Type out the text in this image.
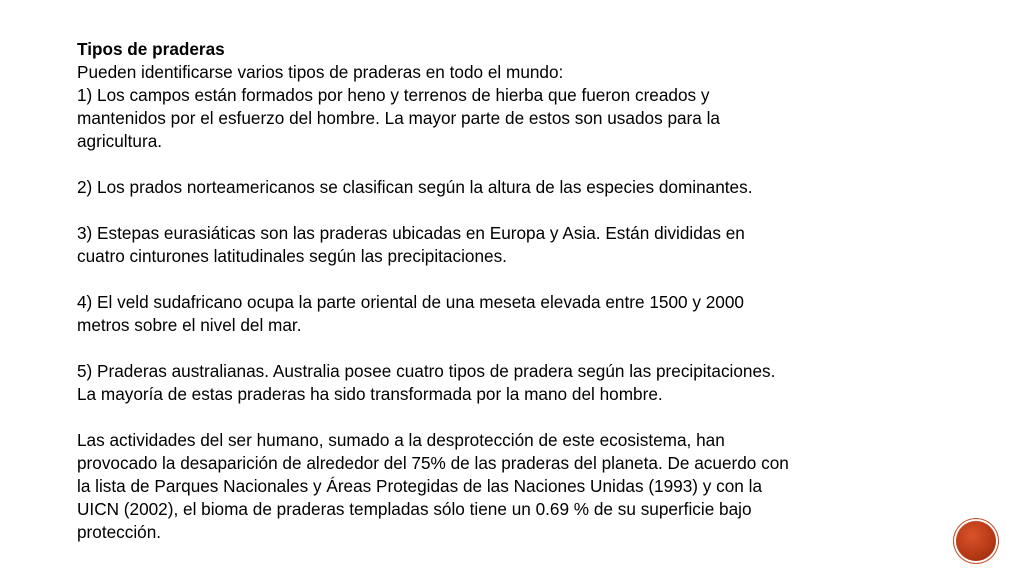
Tipos de praderas

Pueden identificarse varios tipos de praderas en todo el mundo:

1) Los campos están formados por heno y terrenos de hierba que fueron creados y

mantenidos por el esfuerzo del hombre. La mayor parte de estos son usados para la

agricultura.

2) Los prados norteamericanos se clasifican según la altura de las especies dominantes.

3) Estepas eurasiáticas son las praderas ubicadas en Europa y Asia. Están divididas en

cuatro cinturones latitudinales según las precipitaciones.

4) El veld sudafricano ocupa la parte oriental de una meseta elevada entre 1500 y 2000

metros sobre el nivel del mar.

5) Praderas australianas. Australia posee cuatro tipos de pradera según las precipitaciones.

La mayoría de estas praderas ha sido transformada por la mano del hombre.

Las actividades del ser humano, sumado a la desprotección de este ecosistema, han

provocado la desaparición de alrededor del 75% de las praderas del planeta. De acuerdo con

la lista de Parques Nacionales y Áreas Protegidas de las Naciones Unidas (1993) y con la

UICN (2002), el bioma de praderas templadas sólo tiene un 0.69 % de su superficie bajo

protección.
